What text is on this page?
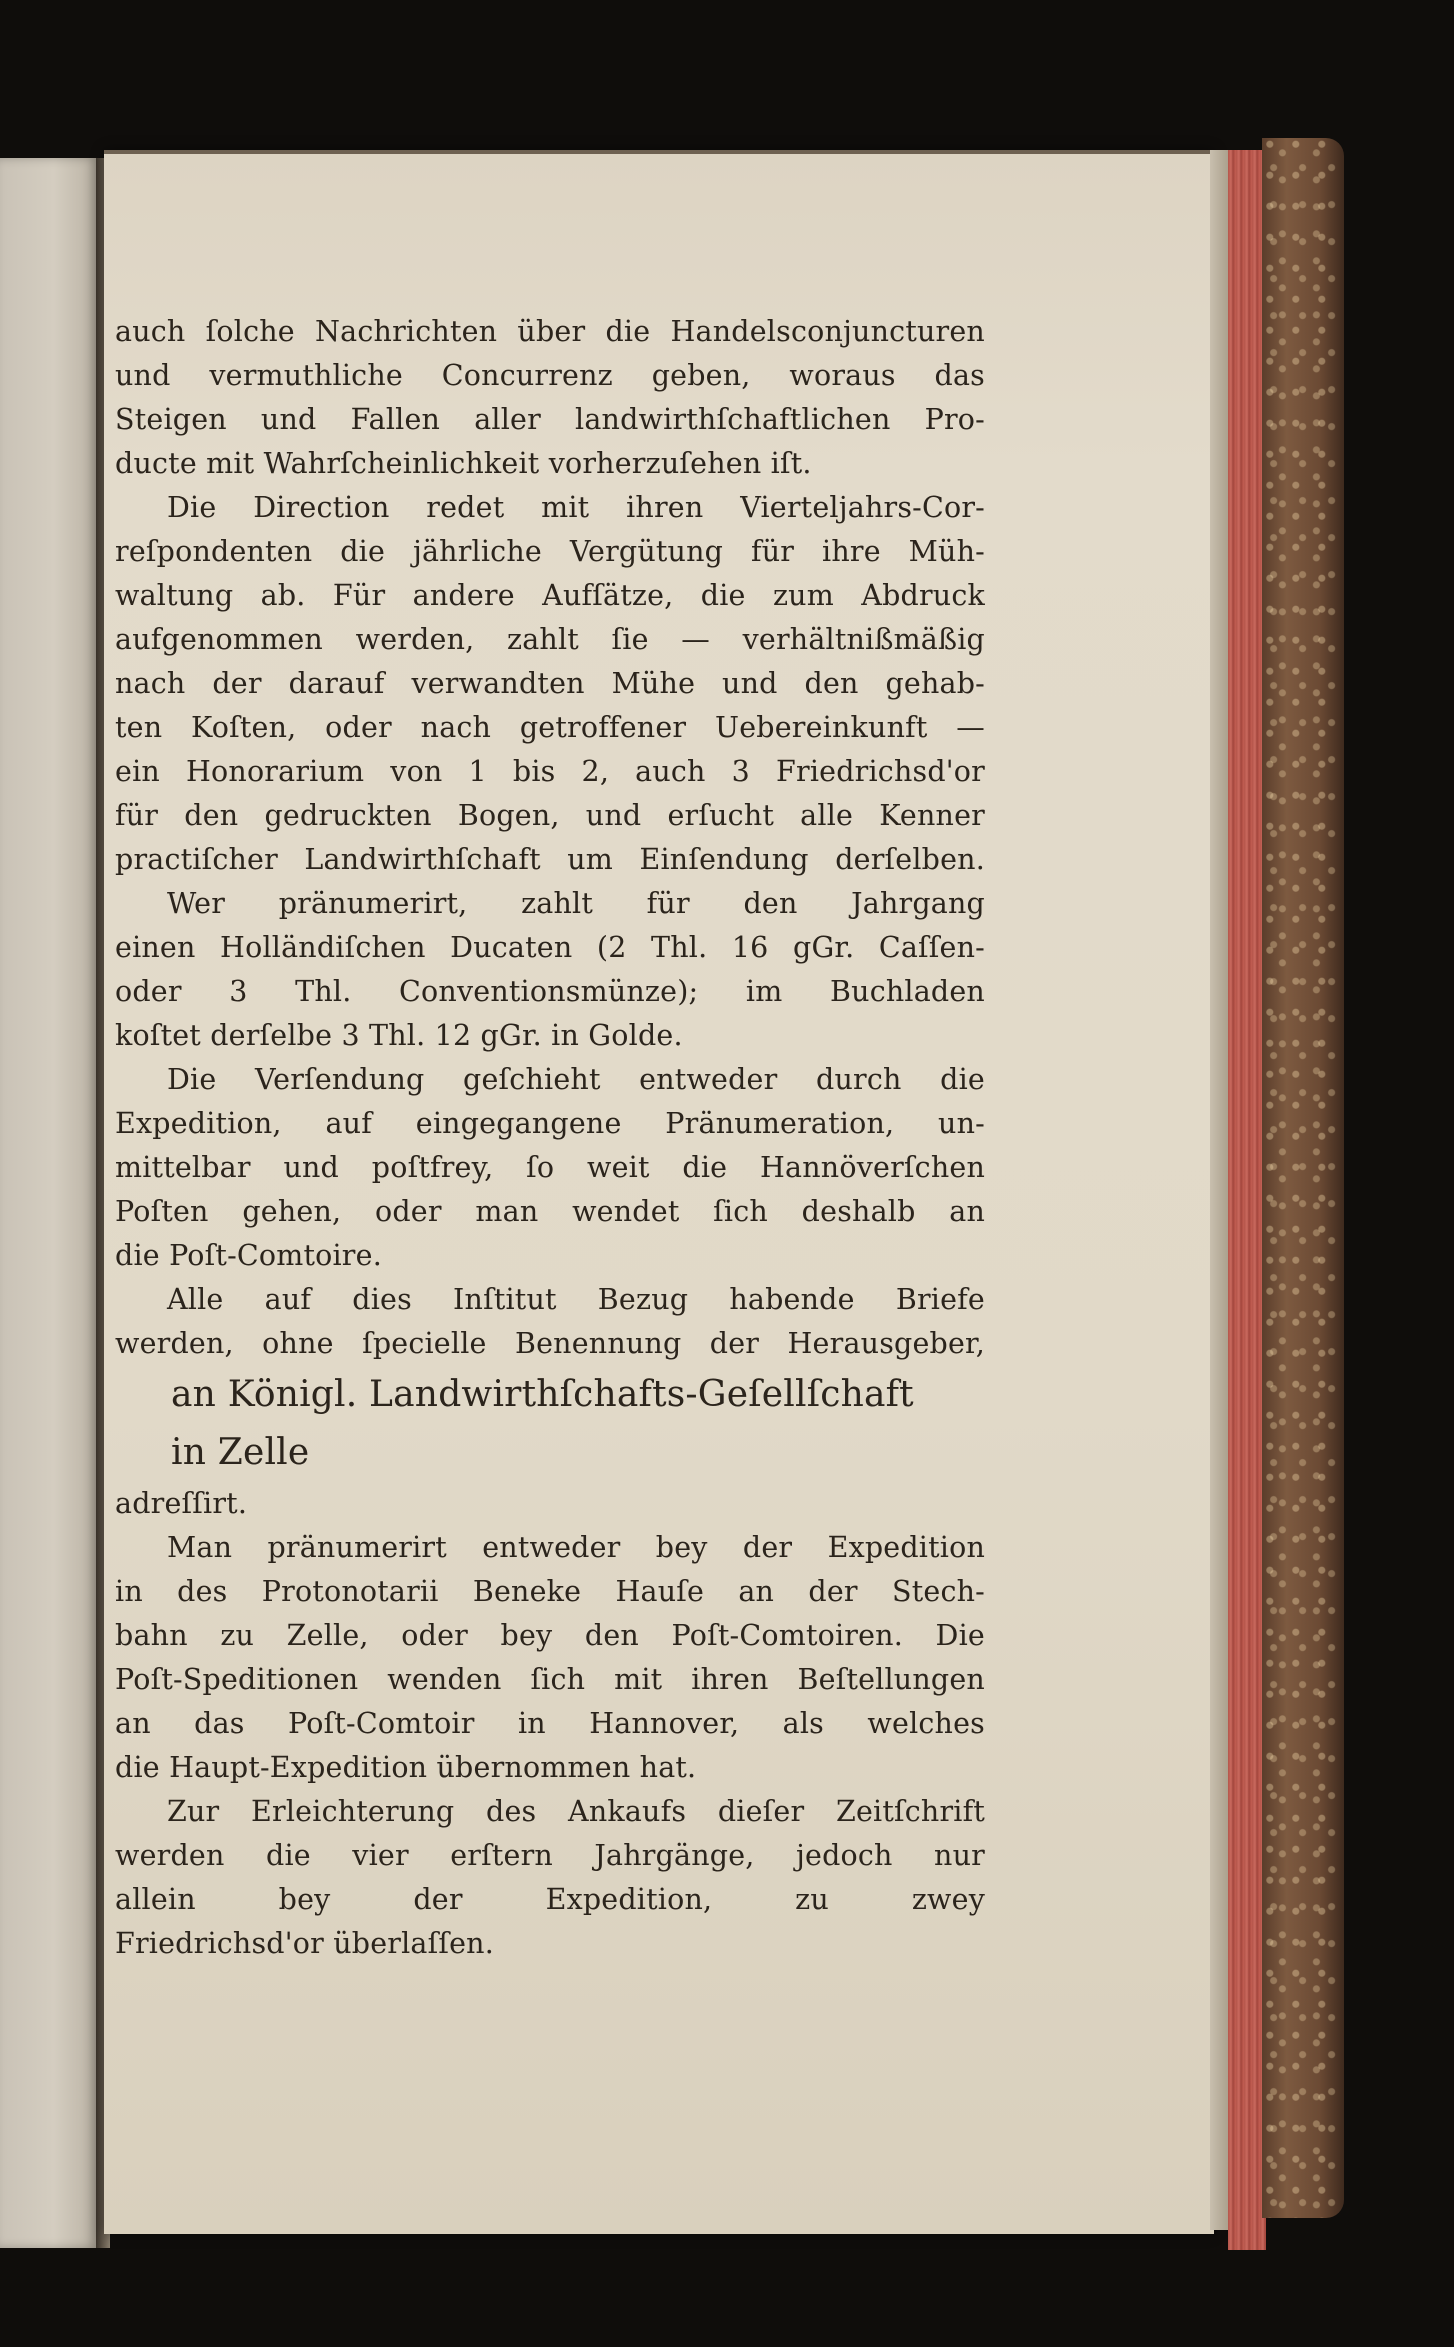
auch ſolche Nachrichten über die Handelsconjuncturen
und vermuthliche Concurrenz geben, woraus das
Steigen und Fallen aller landwirthſchaftlichen Pro-
ducte mit Wahrſcheinlichkeit vorherzuſehen iſt.
Die Direction redet mit ihren Vierteljahrs-Cor-
reſpondenten die jährliche Vergütung für ihre Müh-
waltung ab. Für andere Aufſätze, die zum Abdruck
aufgenommen werden, zahlt ſie — verhältnißmäßig
nach der darauf verwandten Mühe und den gehab-
ten Koſten, oder nach getroffener Uebereinkunft —
ein Honorarium von 1 bis 2, auch 3 Friedrichsd'or
für den gedruckten Bogen, und erſucht alle Kenner
practiſcher Landwirthſchaft um Einſendung derſelben.
Wer pränumerirt, zahlt für den Jahrgang
einen Holländiſchen Ducaten (2 Thl. 16 gGr. Caſſen-
oder 3 Thl. Conventionsmünze); im Buchladen
koſtet derſelbe 3 Thl. 12 gGr. in Golde.
Die Verſendung geſchieht entweder durch die
Expedition, auf eingegangene Pränumeration, un-
mittelbar und poſtfrey, ſo weit die Hannöverſchen
Poſten gehen, oder man wendet ſich deshalb an
die Poſt-Comtoire.
Alle auf dies Inſtitut Bezug habende Briefe
werden, ohne ſpecielle Benennung der Herausgeber,
an Königl. Landwirthſchafts-Geſellſchaft
in Zelle
adreſſirt.
Man pränumerirt entweder bey der Expedition
in des Protonotarii Beneke Hauſe an der Stech-
bahn zu Zelle, oder bey den Poſt-Comtoiren. Die
Poſt-Speditionen wenden ſich mit ihren Beſtellungen
an das Poſt-Comtoir in Hannover, als welches
die Haupt-Expedition übernommen hat.
Zur Erleichterung des Ankaufs dieſer Zeitſchrift
werden die vier erſtern Jahrgänge, jedoch nur
allein bey der Expedition, zu zwey
Friedrichsd'or überlaſſen.
